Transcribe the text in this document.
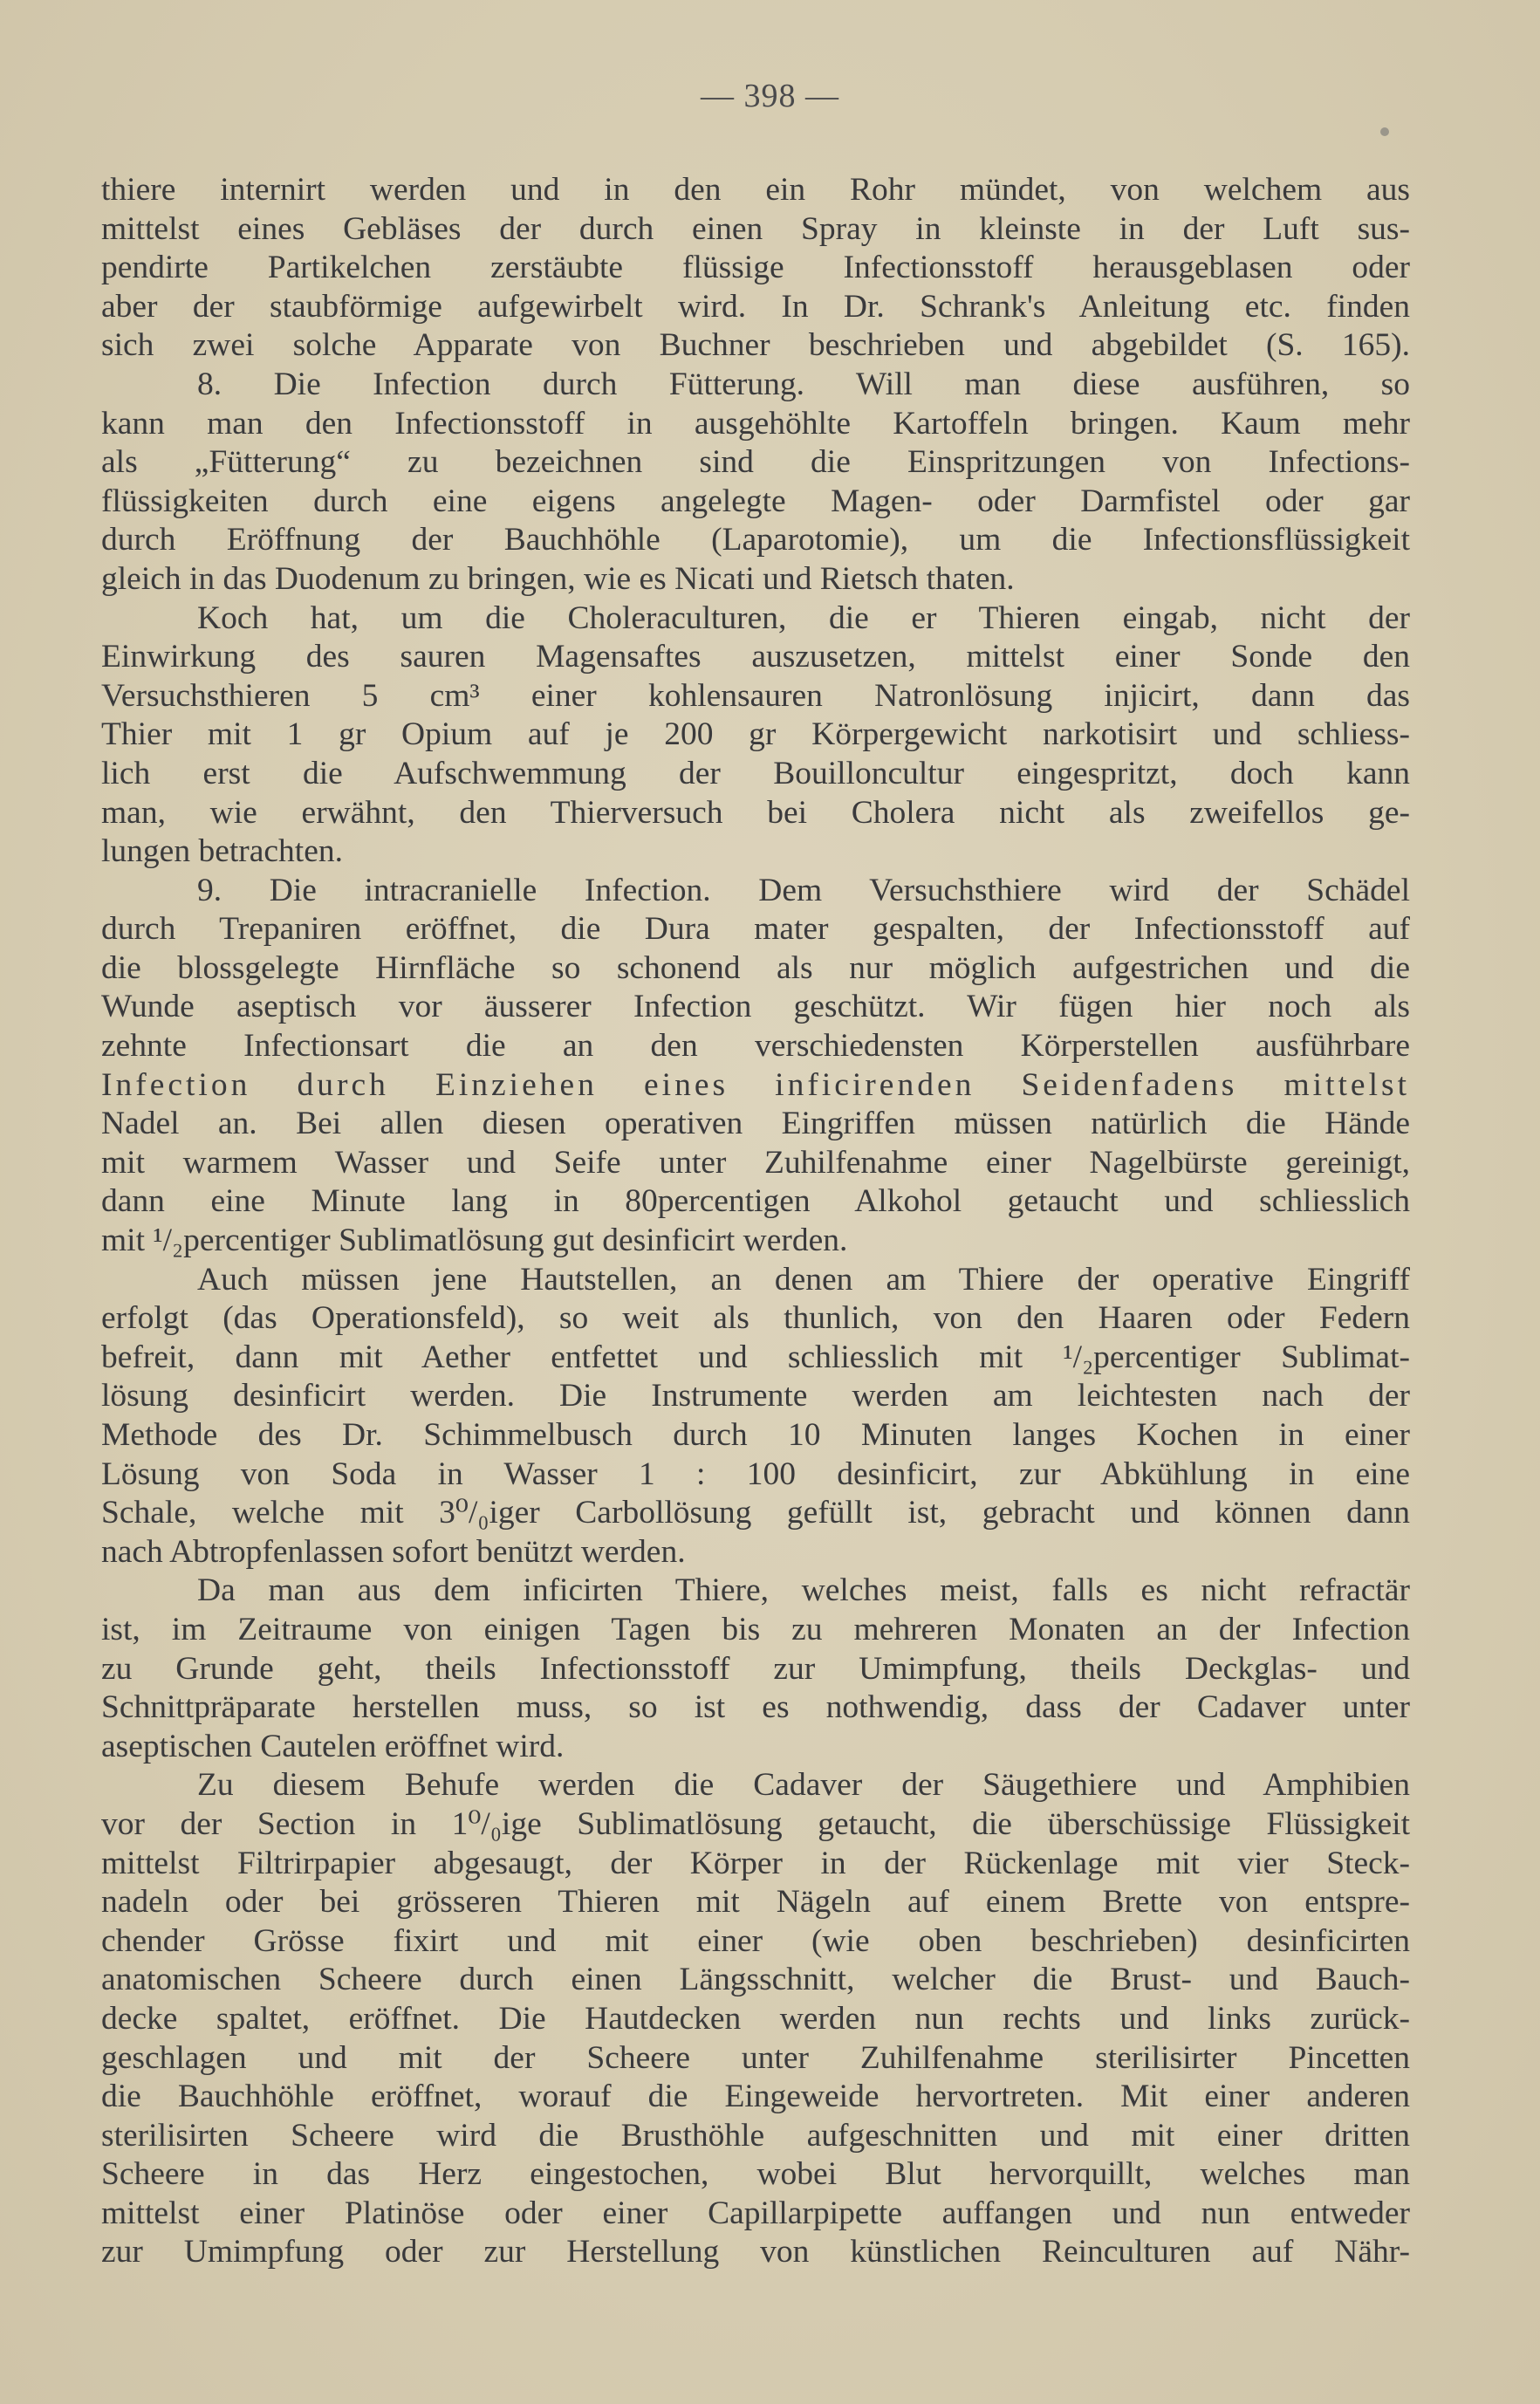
— 398 —
thiere internirt werden und in den ein Rohr mündet, von welchem aus
mittelst eines Gebläses der durch einen Spray in kleinste in der Luft sus-
pendirte Partikelchen zerstäubte flüssige Infectionsstoff herausgeblasen oder
aber der staubförmige aufgewirbelt wird. In Dr. Schrank's Anleitung etc. finden
sich zwei solche Apparate von Buchner beschrieben und abgebildet (S. 165).
8. Die Infection durch Fütterung. Will man diese ausführen, so
kann man den Infectionsstoff in ausgehöhlte Kartoffeln bringen. Kaum mehr
als „Fütterung“ zu bezeichnen sind die Einspritzungen von Infections-
flüssigkeiten durch eine eigens angelegte Magen- oder Darmfistel oder gar
durch Eröffnung der Bauchhöhle (Laparotomie), um die Infectionsflüssigkeit
gleich in das Duodenum zu bringen, wie es Nicati und Rietsch thaten.
Koch hat, um die Choleraculturen, die er Thieren eingab, nicht der
Einwirkung des sauren Magensaftes auszusetzen, mittelst einer Sonde den
Versuchsthieren 5 cm³ einer kohlensauren Natronlösung injicirt, dann das
Thier mit 1 gr Opium auf je 200 gr Körpergewicht narkotisirt und schliess-
lich erst die Aufschwemmung der Bouilloncultur eingespritzt, doch kann
man, wie erwähnt, den Thierversuch bei Cholera nicht als zweifellos ge-
lungen betrachten.
9. Die intracranielle Infection. Dem Versuchsthiere wird der Schädel
durch Trepaniren eröffnet, die Dura mater gespalten, der Infectionsstoff auf
die blossgelegte Hirnfläche so schonend als nur möglich aufgestrichen und die
Wunde aseptisch vor äusserer Infection geschützt. Wir fügen hier noch als
zehnte Infectionsart die an den verschiedensten Körperstellen ausführbare
Infection durch Einziehen eines inficirenden Seidenfadens mittelst
Nadel an. Bei allen diesen operativen Eingriffen müssen natürlich die Hände
mit warmem Wasser und Seife unter Zuhilfenahme einer Nagelbürste gereinigt,
dann eine Minute lang in 80percentigen Alkohol getaucht und schliesslich
mit ¹/₂percentiger Sublimatlösung gut desinficirt werden.
Auch müssen jene Hautstellen, an denen am Thiere der operative Eingriff
erfolgt (das Operationsfeld), so weit als thunlich, von den Haaren oder Federn
befreit, dann mit Aether entfettet und schliesslich mit ¹/₂percentiger Sublimat-
lösung desinficirt werden. Die Instrumente werden am leichtesten nach der
Methode des Dr. Schimmelbusch durch 10 Minuten langes Kochen in einer
Lösung von Soda in Wasser 1 : 100 desinficirt, zur Abkühlung in eine
Schale, welche mit 3⁰/₀iger Carbollösung gefüllt ist, gebracht und können dann
nach Abtropfenlassen sofort benützt werden.
Da man aus dem inficirten Thiere, welches meist, falls es nicht refractär
ist, im Zeitraume von einigen Tagen bis zu mehreren Monaten an der Infection
zu Grunde geht, theils Infectionsstoff zur Umimpfung, theils Deckglas- und
Schnittpräparate herstellen muss, so ist es nothwendig, dass der Cadaver unter
aseptischen Cautelen eröffnet wird.
Zu diesem Behufe werden die Cadaver der Säugethiere und Amphibien
vor der Section in 1⁰/₀ige Sublimatlösung getaucht, die überschüssige Flüssigkeit
mittelst Filtrirpapier abgesaugt, der Körper in der Rückenlage mit vier Steck-
nadeln oder bei grösseren Thieren mit Nägeln auf einem Brette von entspre-
chender Grösse fixirt und mit einer (wie oben beschrieben) desinficirten
anatomischen Scheere durch einen Längsschnitt, welcher die Brust- und Bauch-
decke spaltet, eröffnet. Die Hautdecken werden nun rechts und links zurück-
geschlagen und mit der Scheere unter Zuhilfenahme sterilisirter Pincetten
die Bauchhöhle eröffnet, worauf die Eingeweide hervortreten. Mit einer anderen
sterilisirten Scheere wird die Brusthöhle aufgeschnitten und mit einer dritten
Scheere in das Herz eingestochen, wobei Blut hervorquillt, welches man
mittelst einer Platinöse oder einer Capillarpipette auffangen und nun entweder
zur Umimpfung oder zur Herstellung von künstlichen Reinculturen auf Nähr-
